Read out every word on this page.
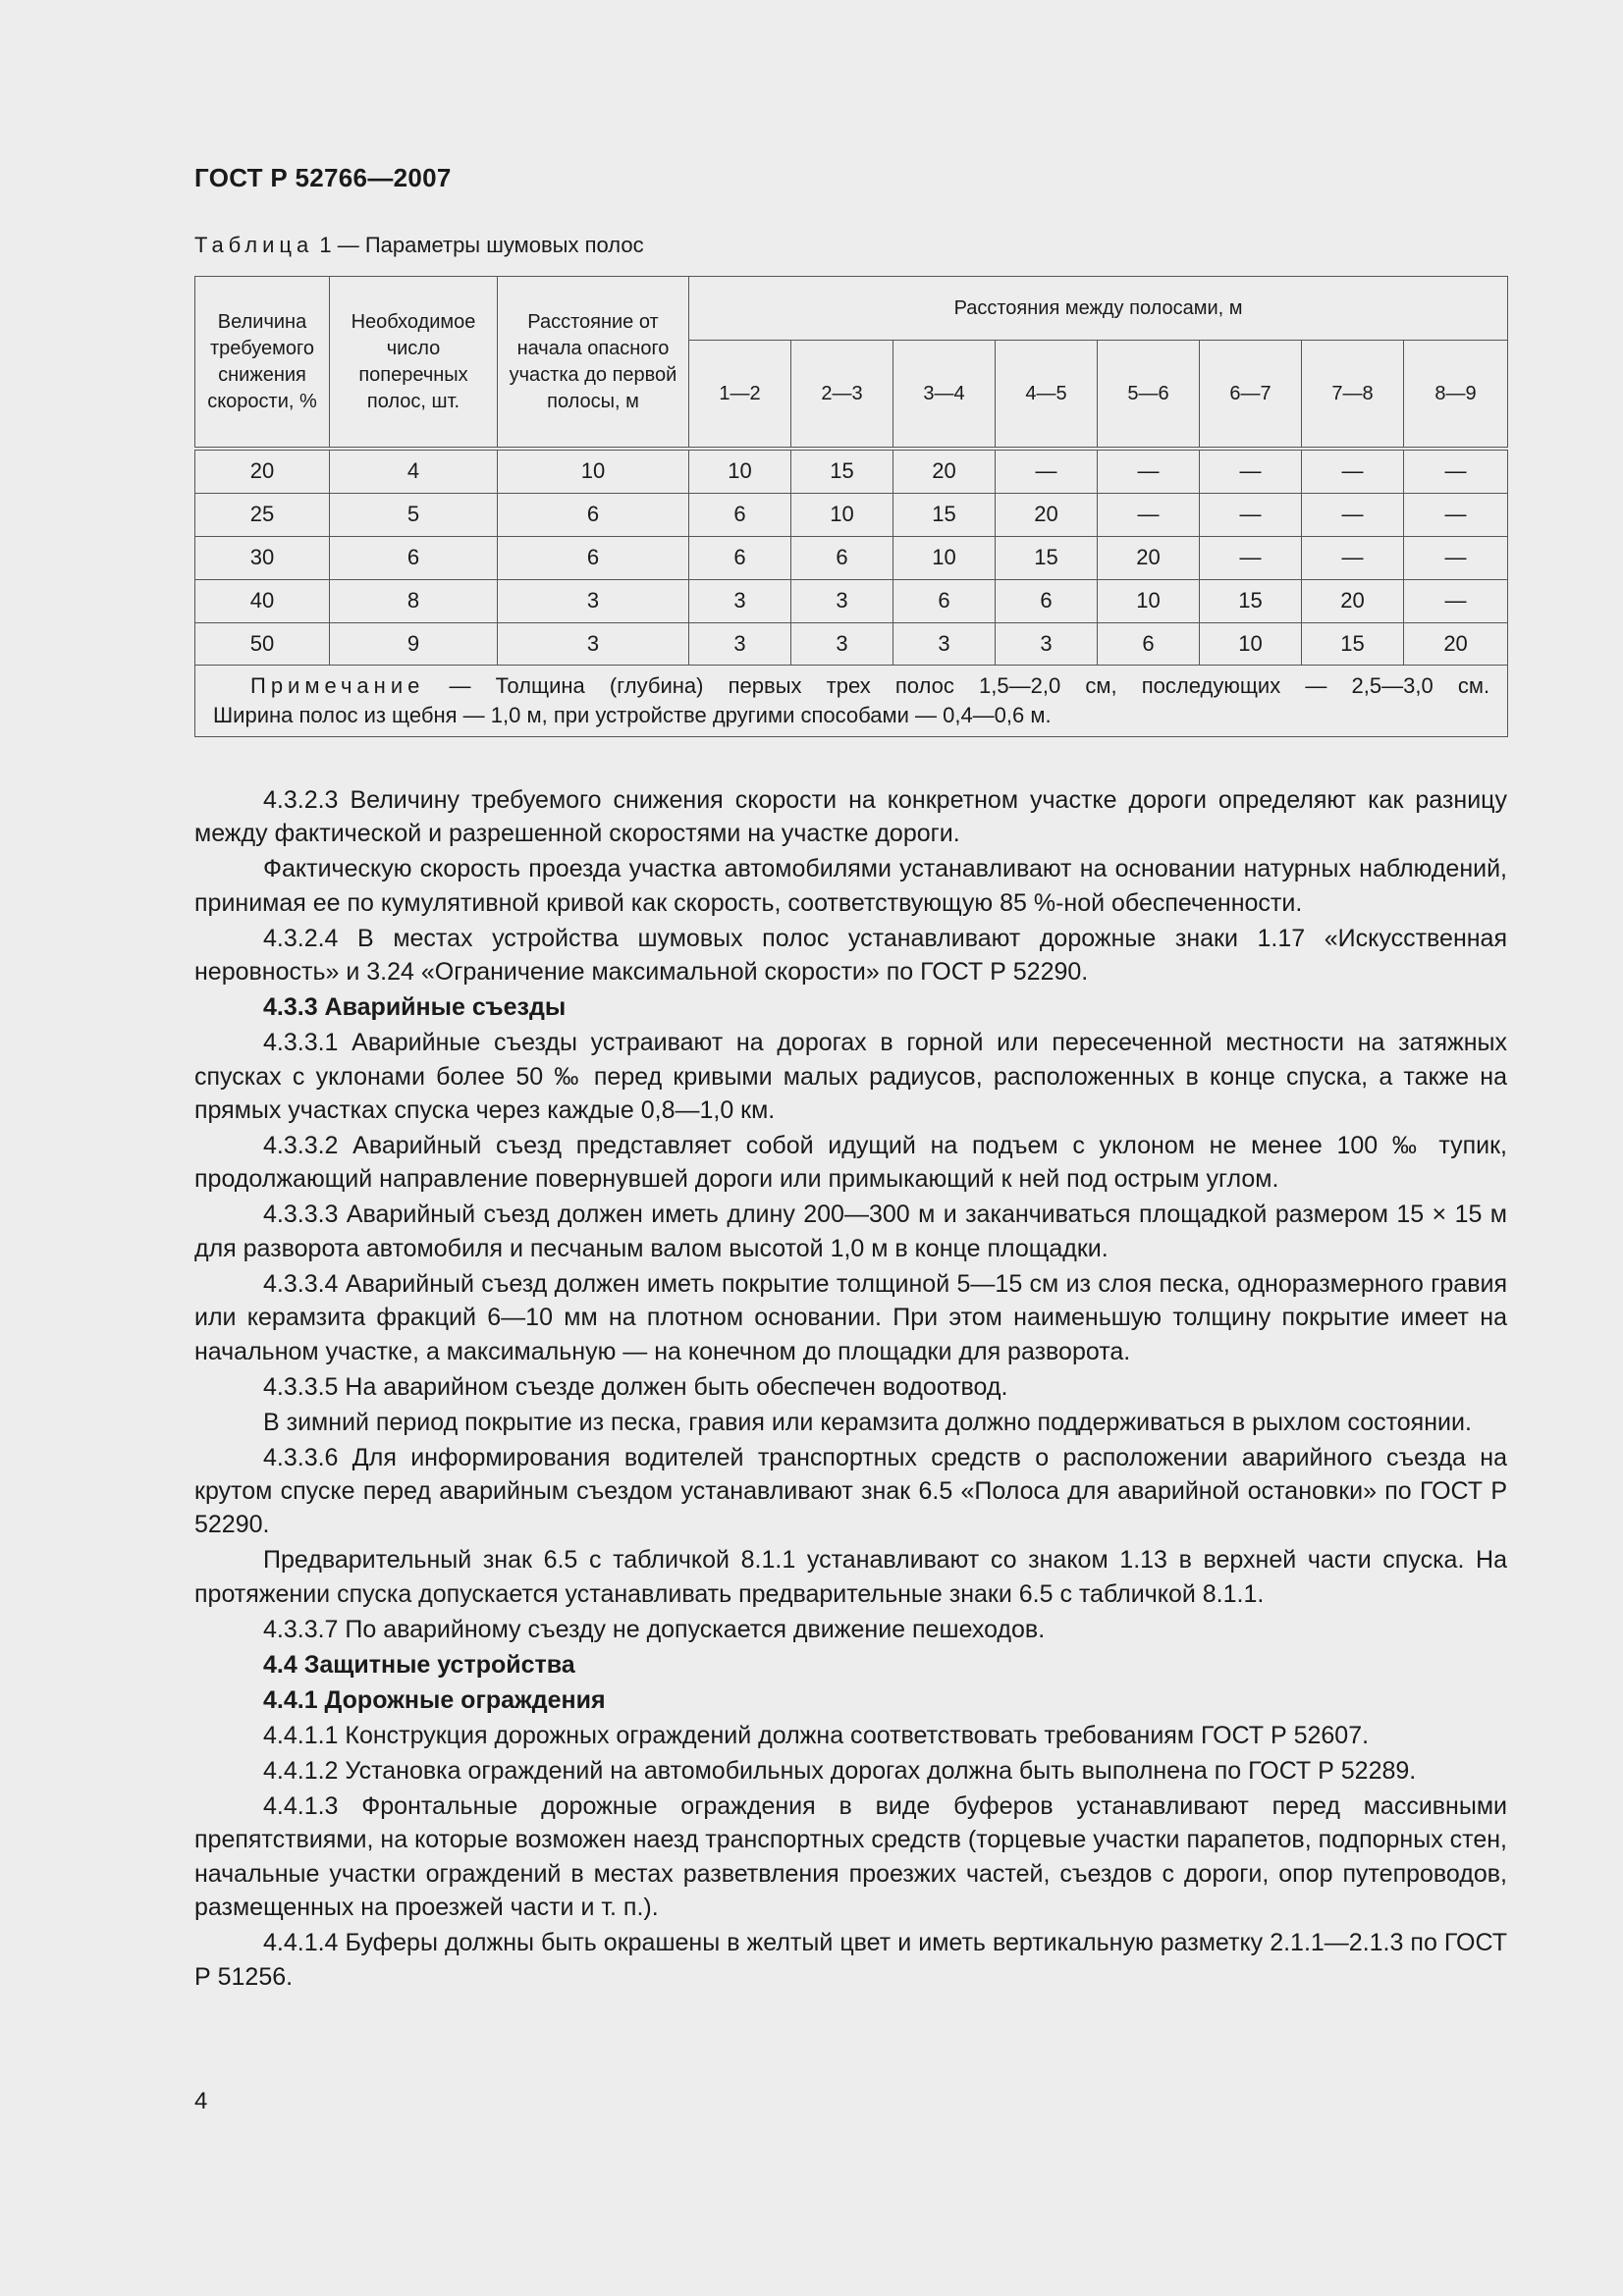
ГОСТ Р 52766—2007
Таблица 1 — Параметры шумовых полос
Величина требуемого снижения скорости, %	Необходимое число поперечных полос, шт.	Расстояние от начала опасного участка до первой полосы, м	Расстояния между полосами, м							
			1—2	2—3	3—4	4—5	5—6	6—7	7—8	8—9
20	4	10	10	15	20	—	—	—	—	—
25	5	6	6	10	15	20	—	—	—	—
30	6	6	6	6	10	15	20	—	—	—
40	8	3	3	3	6	6	10	15	20	—
50	9	3	3	3	3	3	6	10	15	20

Примечание — Толщина (глубина) первых трех полос 1,5—2,0 см, последующих — 2,5—3,0 см.
Ширина полос из щебня — 1,0 м, при устройстве другими способами — 0,4—0,6 м.										

4.3.2.3 Величину требуемого снижения скорости на конкретном участке дороги определяют как разницу между фактической и разрешенной скоростями на участке дороги.

Фактическую скорость проезда участка автомобилями устанавливают на основании натурных наблюдений, принимая ее по кумулятивной кривой как скорость, соответствующую 85 %-ной обеспеченности.

4.3.2.4 В местах устройства шумовых полос устанавливают дорожные знаки 1.17 «Искусственная неровность» и 3.24 «Ограничение максимальной скорости» по ГОСТ Р 52290.

4.3.3 Аварийные съезды

4.3.3.1 Аварийные съезды устраивают на дорогах в горной или пересеченной местности на затяжных спусках с уклонами более 50 ‰ перед кривыми малых радиусов, расположенных в конце спуска, а также на прямых участках спуска через каждые 0,8—1,0 км.

4.3.3.2 Аварийный съезд представляет собой идущий на подъем с уклоном не менее 100 ‰ тупик, продолжающий направление повернувшей дороги или примыкающий к ней под острым углом.

4.3.3.3 Аварийный съезд должен иметь длину 200—300 м и заканчиваться площадкой размером 15 × 15 м для разворота автомобиля и песчаным валом высотой 1,0 м в конце площадки.

4.3.3.4 Аварийный съезд должен иметь покрытие толщиной 5—15 см из слоя песка, одноразмерного гравия или керамзита фракций 6—10 мм на плотном основании. При этом наименьшую толщину покрытие имеет на начальном участке, а максимальную — на конечном до площадки для разворота.

4.3.3.5 На аварийном съезде должен быть обеспечен водоотвод.

В зимний период покрытие из песка, гравия или керамзита должно поддерживаться в рыхлом состоянии.

4.3.3.6 Для информирования водителей транспортных средств о расположении аварийного съезда на крутом спуске перед аварийным съездом устанавливают знак 6.5 «Полоса для аварийной остановки» по ГОСТ Р 52290.

Предварительный знак 6.5 с табличкой 8.1.1 устанавливают со знаком 1.13 в верхней части спуска. На протяжении спуска допускается устанавливать предварительные знаки 6.5 с табличкой 8.1.1.

4.3.3.7 По аварийному съезду не допускается движение пешеходов.

4.4 Защитные устройства

4.4.1 Дорожные ограждения

4.4.1.1 Конструкция дорожных ограждений должна соответствовать требованиям ГОСТ Р 52607.

4.4.1.2 Установка ограждений на автомобильных дорогах должна быть выполнена по ГОСТ Р 52289.

4.4.1.3 Фронтальные дорожные ограждения в виде буферов устанавливают перед массивными препятствиями, на которые возможен наезд транспортных средств (торцевые участки парапетов, подпорных стен, начальные участки ограждений в местах разветвления проезжих частей, съездов с дороги, опор путепроводов, размещенных на проезжей части и т. п.).

4.4.1.4 Буферы должны быть окрашены в желтый цвет и иметь вертикальную разметку 2.1.1—2.1.3 по ГОСТ Р 51256.

4
